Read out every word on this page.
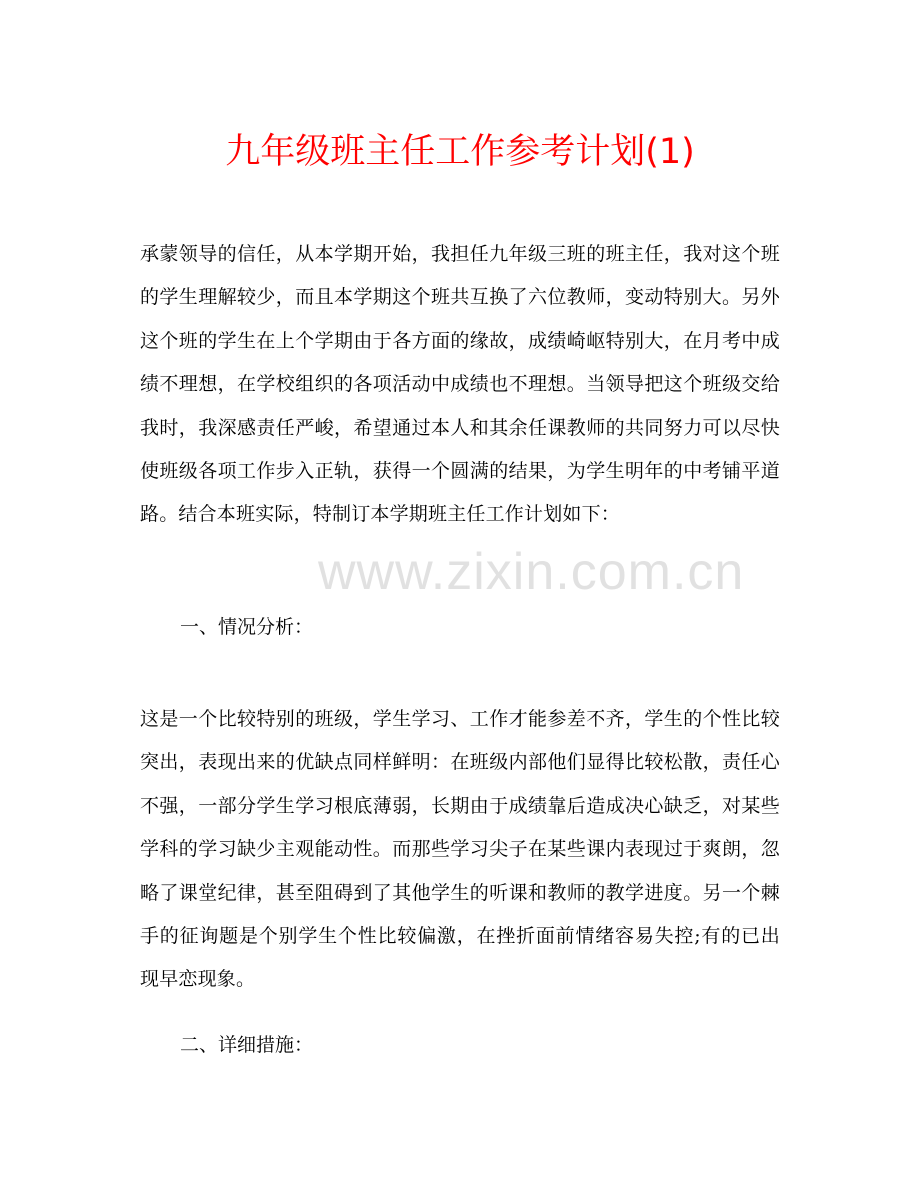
九年级班主任工作参考计划(1)
承蒙领导的信任，从本学期开始，我担任九年级三班的班主任，我对这个班的学生理解较少，而且本学期这个班共互换了六位教师，变动特别大。另外这个班的学生在上个学期由于各方面的缘故，成绩崎岖特别大，在月考中成绩不理想，在学校组织的各项活动中成绩也不理想。当领导把这个班级交给我时，我深感责任严峻，希望通过本人和其余任课教师的共同努力可以尽快使班级各项工作步入正轨，获得一个圆满的结果，为学生明年的中考铺平道路。结合本班实际，特制订本学期班主任工作计划如下：
www.zixin.com.cn
一、情况分析：
这是一个比较特别的班级，学生学习、工作才能参差不齐，学生的个性比较突出，表现出来的优缺点同样鲜明：在班级内部他们显得比较松散，责任心不强，一部分学生学习根底薄弱，长期由于成绩靠后造成决心缺乏，对某些学科的学习缺少主观能动性。而那些学习尖子在某些课内表现过于爽朗，忽略了课堂纪律，甚至阻碍到了其他学生的听课和教师的教学进度。另一个棘手的征询题是个别学生个性比较偏激，在挫折面前情绪容易失控;有的已出现早恋现象。
二、详细措施：
